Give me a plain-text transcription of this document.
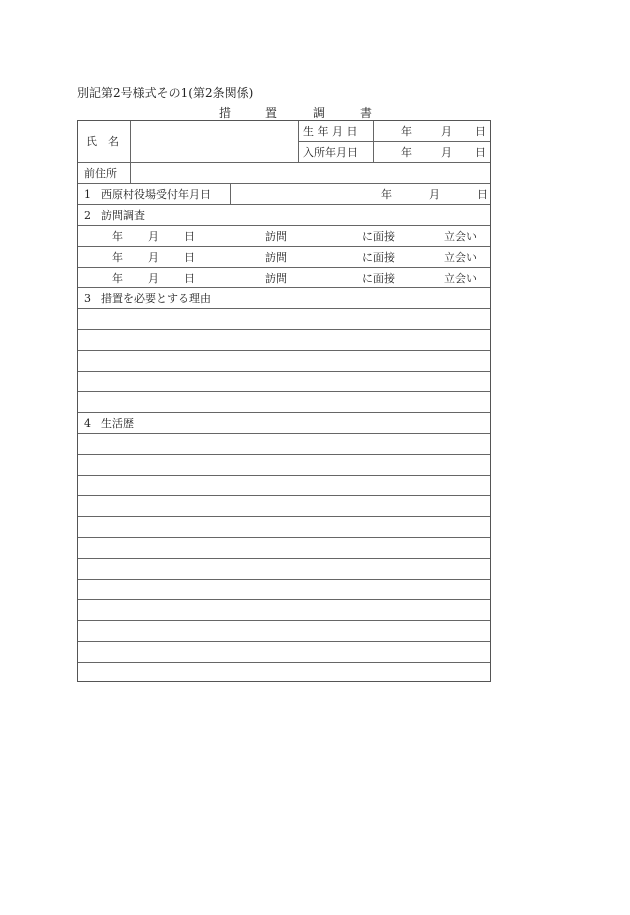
別記第2号様式その1(第2条関係)
措	置	調	書
氏　名
生 年 月 日	年	月 日
入所年月日	年	月 日
前住所
1 西原村役場受付年月日	年	月	日
2 訪問調査
年 月 日	訪問	に面接	立会い
年 月 日	訪問	に面接	立会い
年 月 日	訪問	に面接	立会い
3 措置を必要とする理由
4 生活歴
